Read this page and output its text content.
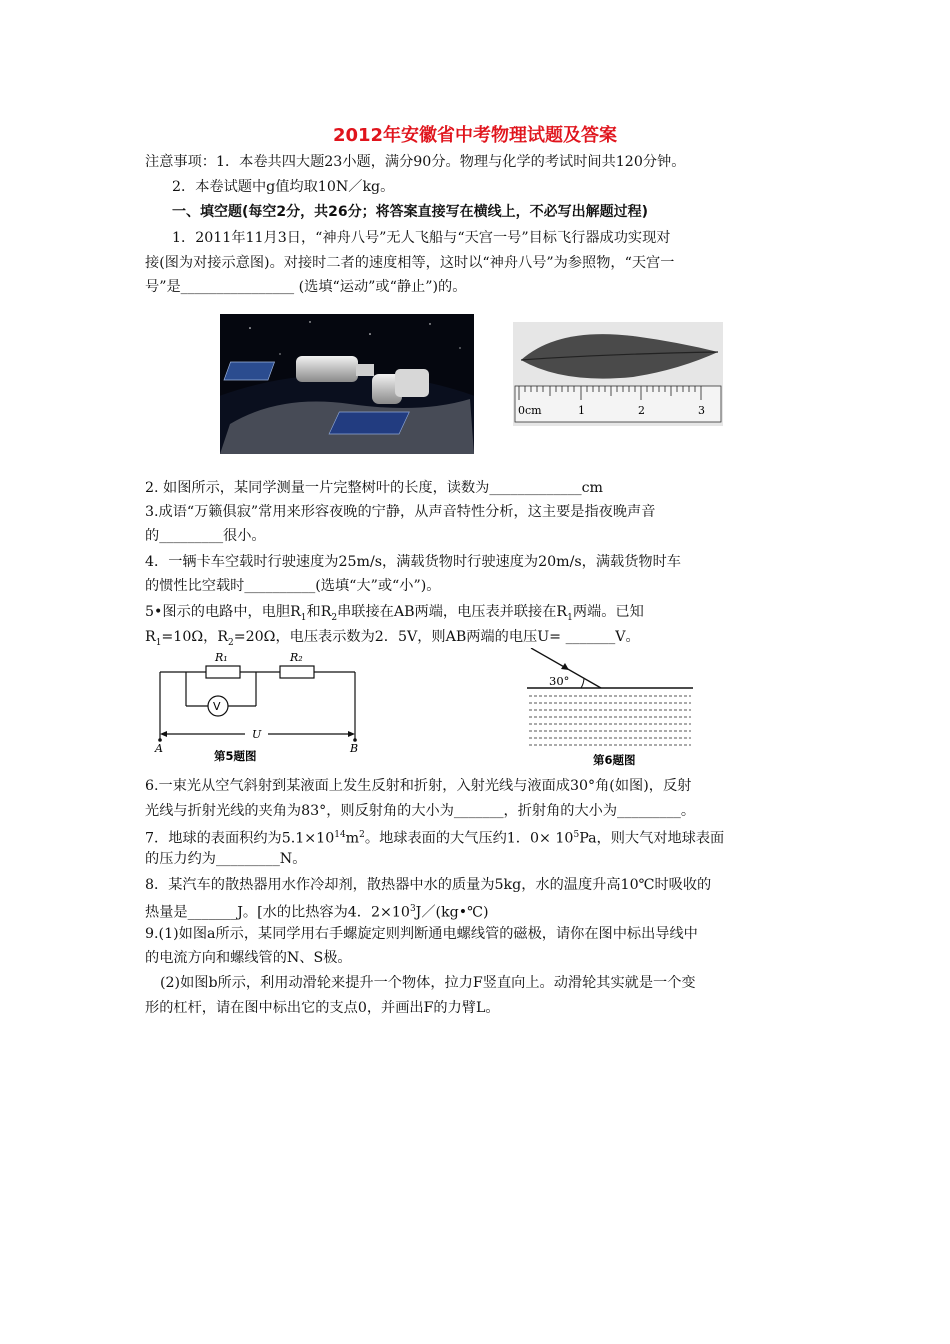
2012年安徽省中考物理试题及答案
注意事项：1．本卷共四大题23小题，满分90分。物理与化学的考试时间共120分钟。
2．本卷试题中g值均取10N／kg。
一、填空题(每空2分，共26分；将答案直接写在横线上，不必写出解题过程)
1．2011年11月3日，“神舟八号”无人飞船与“天宫一号”目标飞行器成功实现对
接(图为对接示意图)。对接时二者的速度相等，这时以“神舟八号”为参照物，“天宫一
号”是________________ (选填“运动”或“静止”)的。
0cm	1	2	3
2. 如图所示，某同学测量一片完整树叶的长度，读数为_____________cm
3.成语“万籁俱寂”常用来形容夜晚的宁静，从声音特性分析，这主要是指夜晚声音
的_________很小。
4．一辆卡车空载时行驶速度为25m/s，满载货物时行驶速度为20m/s，满载货物时车
的惯性比空载时__________(选填“大”或“小”)。
5•图示的电路中，电胆$R_1$和$R_2$串联接在AB两端，电压表并联接在$R_1$两端。已知
$R_1=10\Omega$，$R_2=20\Omega$，电压表示数为2．5V，则AB两端的电压U= _______V。
R₁	R₂
V
U
A	B
第5题图
30°
第6题图
6.一束光从空气斜射到某液面上发生反射和折射，入射光线与液面成30°角(如图)，反射
光线与折射光线的夹角为83°，则反射角的大小为_______，折射角的大小为_________。
7．地球的表面积约为$5.1\times 10^{14}m^2$。地球表面的大气压约1．$0\times 10^5Pa$，则大气对地球表面
的压力约为_________N。
8．某汽车的散热器用水作冷却剂，散热器中水的质量为5kg，水的温度升高10℃时吸收的
热量是_______J。[水的比热容为4．$2\times 10^3J/(kg•℃)$
9.(1)如图a所示，某同学用右手螺旋定则判断通电螺线管的磁极，请你在图中标出导线中
的电流方向和螺线管的N、S极。
(2)如图b所示，利用动滑轮来提升一个物体，拉力F竖直向上。动滑轮其实就是一个变
形的杠杆，请在图中标出它的支点0，并画出F的力臂L。
